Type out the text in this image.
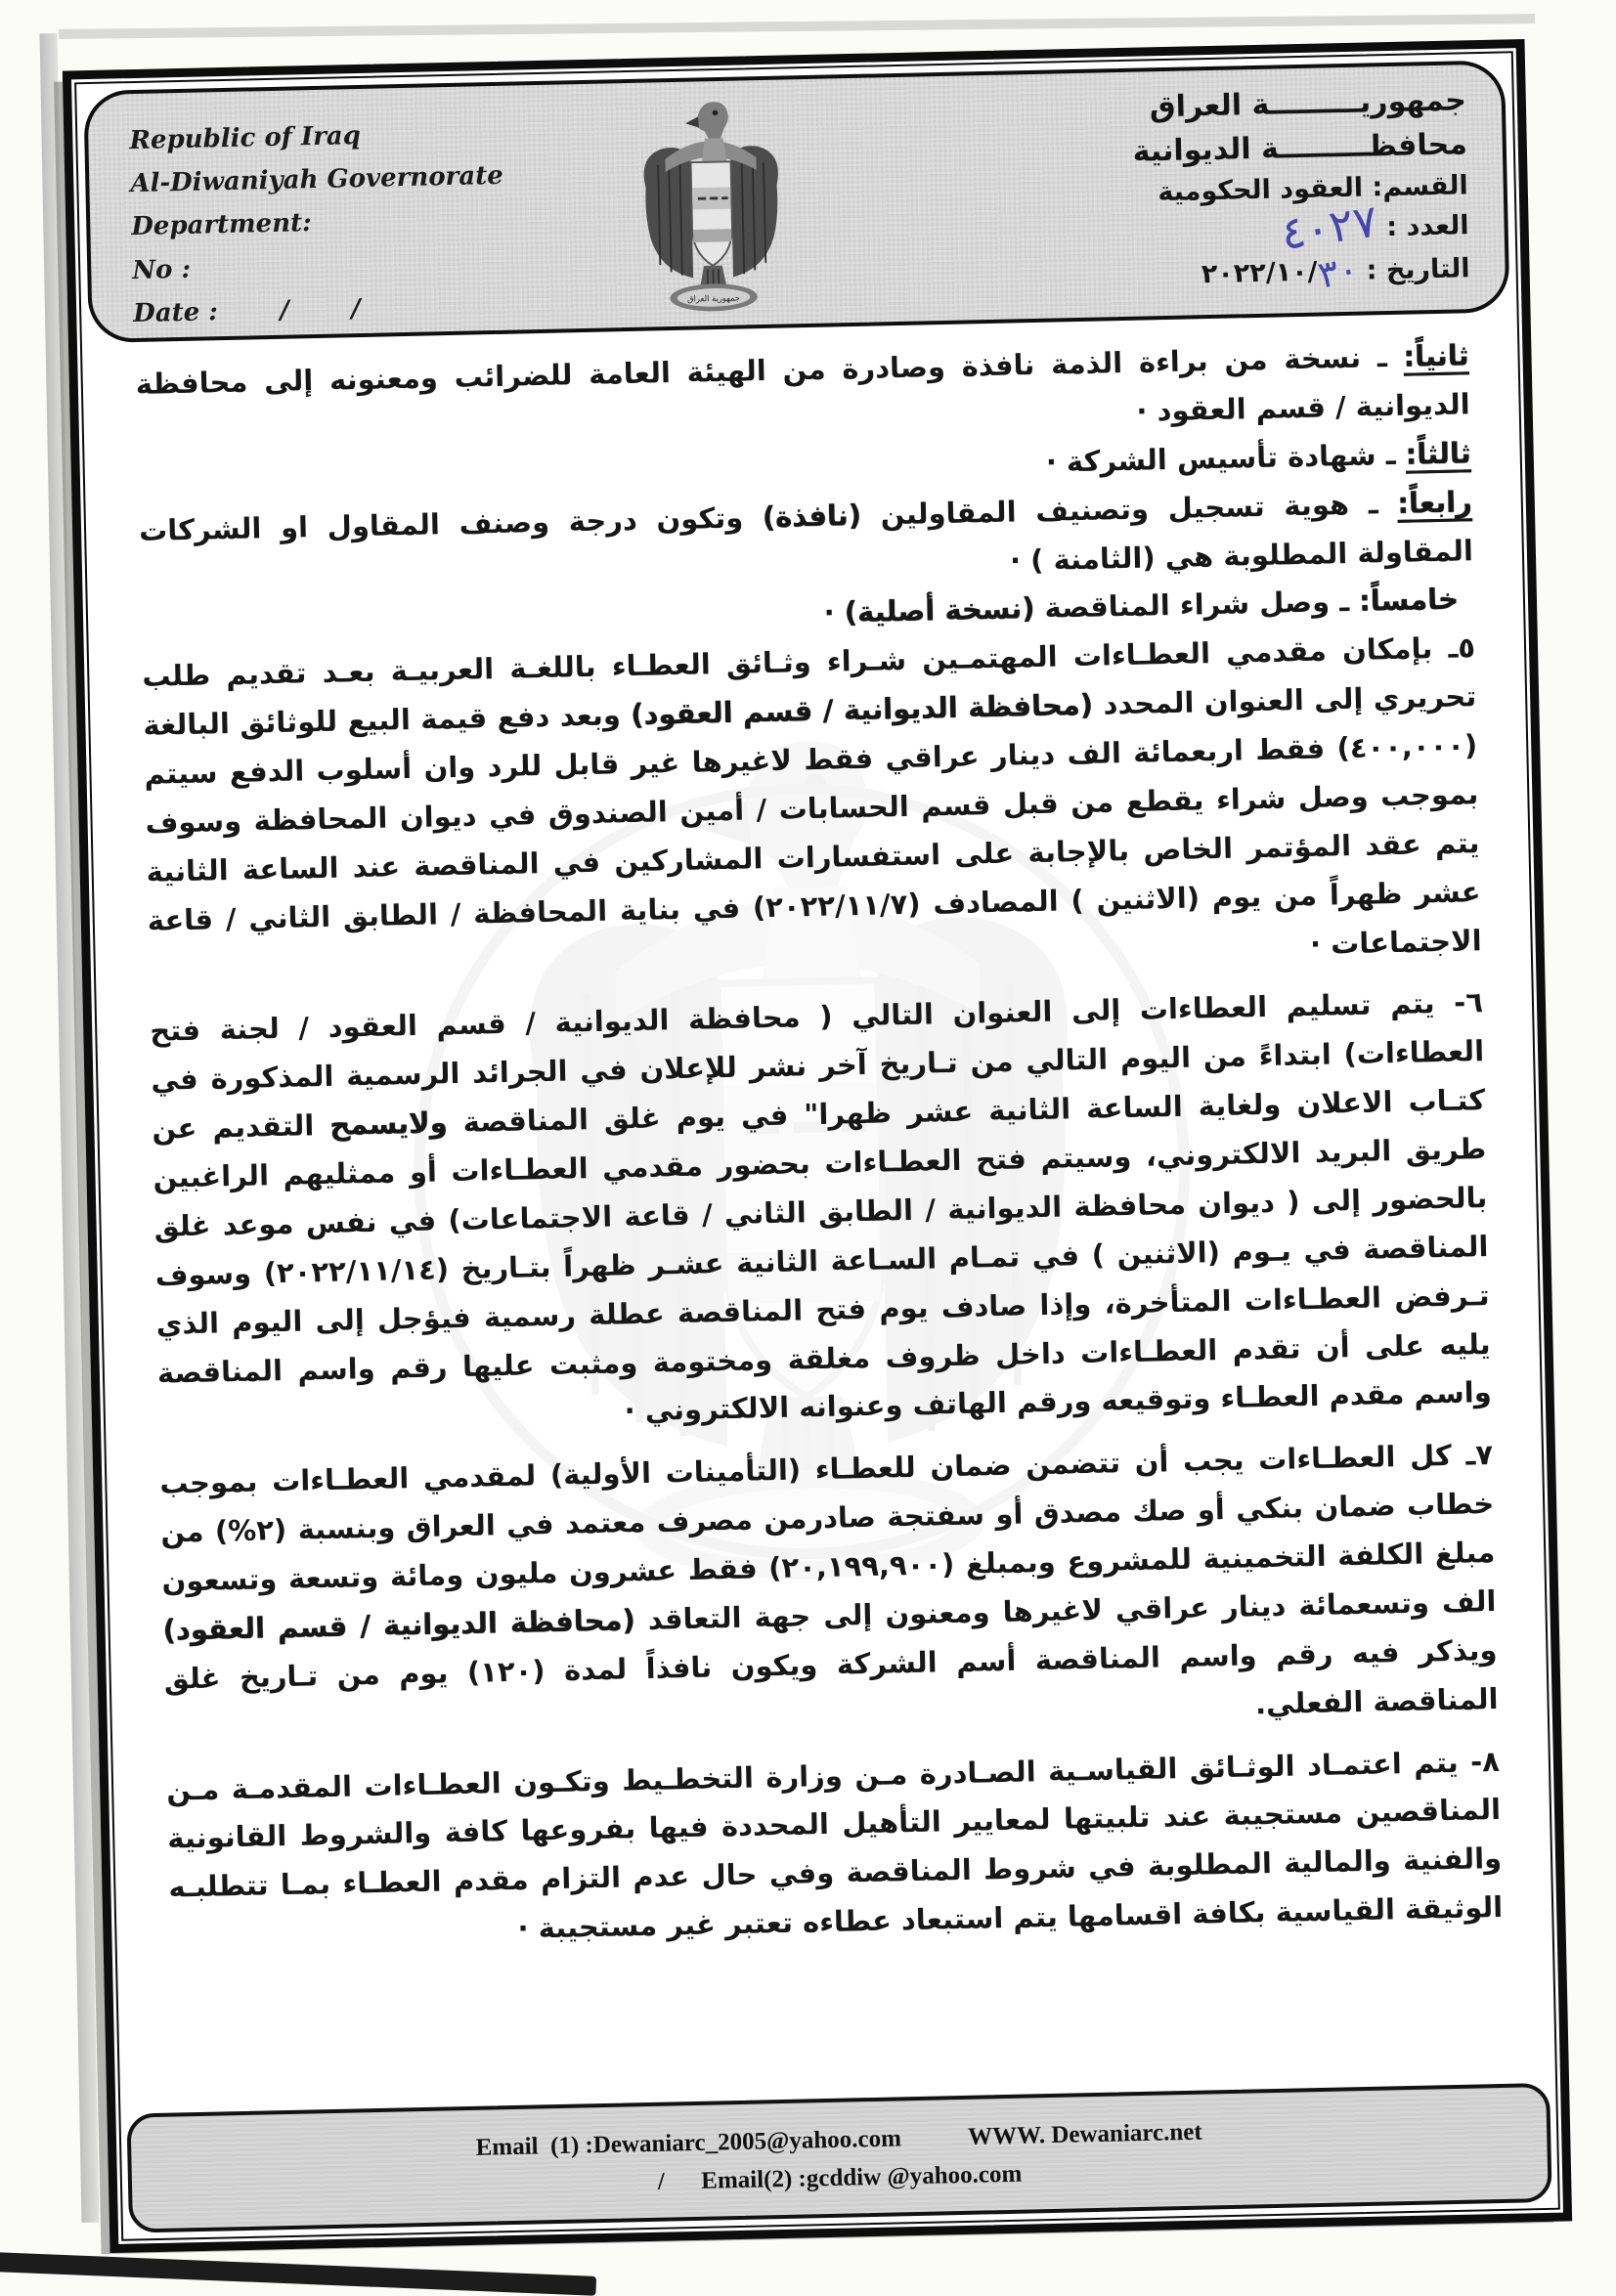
Republic of Iraq
Al-Diwaniyah Governorate
Department:
No :
Date :       /       /	جمهورية العراق
جمهوريـــــــــة العراق
محافظـــــــــة الديوانية
القسم: العقود الحكومية
العدد : ٤٠٢٧
التاريخ : ٢٠٢٢/١٠/٣٠

ثانياً: ـ نسخة من براءة الذمة نافذة وصادرة من الهيئة العامة للضرائب ومعنونه إلى محافظة الديوانية / قسم العقود ·

ثالثاً: ـ شهادة تأسيس الشركة ·

رابعاً: ـ هوية تسجيل وتصنيف المقاولين (نافذة) وتكون درجة وصنف المقاول او الشركات المقاولة المطلوبة هي (الثامنة ) ·

خامساً: ـ وصل شراء المناقصة (نسخة أصلية) ·

٥ـ بإمكان مقدمي العطـاءات المهتمـين شـراء وثـائق العطـاء باللغـة العربيـة بعـد تقديم طلب تحريري إلى العنوان المحدد (محافظة الديوانية / قسم العقود) وبعد دفع قيمة البيع للوثائق البالغة (٤٠٠,٠٠٠) فقط اربعمائة الف دينار عراقي فقط لاغيرها غير قابل للرد وان أسلوب الدفع سيتم بموجب وصل شراء يقطع من قبل قسم الحسابات / أمين الصندوق في ديوان المحافظة وسوف يتم عقد المؤتمر الخاص بالإجابة على استفسارات المشاركين في المناقصة عند الساعة الثانية عشر ظهراً من يوم (الاثنين ) المصادف (٢٠٢٢/١١/٧) في بناية المحافظة / الطابق الثاني / قاعة الاجتماعات ·

٦- يتم تسليم العطاءات إلى العنوان التالي ( محافظة الديوانية / قسم العقود / لجنة فتح العطاءات) ابتداءً من اليوم التالي من تـاريخ آخر نشر للإعلان في الجرائد الرسمية المذكورة في كتـاب الاعلان ولغاية الساعة الثانية عشر ظهرا" في يوم غلق المناقصة ولايسمح التقديم عن طريق البريد الالكتروني، وسيتم فتح العطـاءات بحضور مقدمي العطـاءات أو ممثليهم الراغبين بالحضور إلى ( ديوان محافظة الديوانية / الطابق الثاني / قاعة الاجتماعات) في نفس موعد غلق المناقصة في يـوم (الاثنين ) في تمـام السـاعة الثانية عشـر ظهراً بتـاريخ (٢٠٢٢/١١/١٤) وسوف تـرفض العطـاءات المتأخرة، وإذا صادف يوم فتح المناقصة عطلة رسمية فيؤجل إلى اليوم الذي يليه على أن تقدم العطـاءات داخل ظروف مغلقة ومختومة ومثبت عليها رقم واسم المناقصة واسم مقدم العطـاء وتوقيعه ورقم الهاتف وعنوانه الالكتروني ·

٧ـ كل العطـاءات يجب أن تتضمن ضمان للعطـاء (التأمينات الأولية) لمقدمي العطـاءات بموجب خطاب ضمان بنكي أو صك مصدق أو سفتجة صادرمن مصرف معتمد في العراق وبنسبة (٢%) من مبلغ الكلفة التخمينية للمشروع وبمبلغ (٢٠,١٩٩,٩٠٠) فقط عشرون مليون ومائة وتسعة وتسعون الف وتسعمائة دينار عراقي لاغيرها ومعنون إلى جهة التعاقد (محافظة الديوانية / قسم العقود) ويذكر فيه رقم واسم المناقصة أسم الشركة ويكون نافذاً لمدة (١٢٠) يوم من تـاريخ غلق المناقصة الفعلي.

٨- يتم اعتمـاد الوثـائق القياسـية الصـادرة مـن وزارة التخطـيط وتكـون العطـاءات المقدمـة مـن المناقصين مستجيبة عند تلبيتها لمعايير التأهيل المحددة فيها بفروعها كافة والشروط القانونية والفنية والمالية المطلوبة في شروط المناقصة وفي حال عدم التزام مقدم العطـاء بمـا تتطلبـه الوثيقة القياسية بكافة اقسامها يتم استبعاد عطاءه تعتبر غير مستجيبة ·

Email  (1) :Dewaniarc_2005@yahoo.com           WWW. Dewaniarc.net
/      Email(2) :gcddiw @yahoo.com
